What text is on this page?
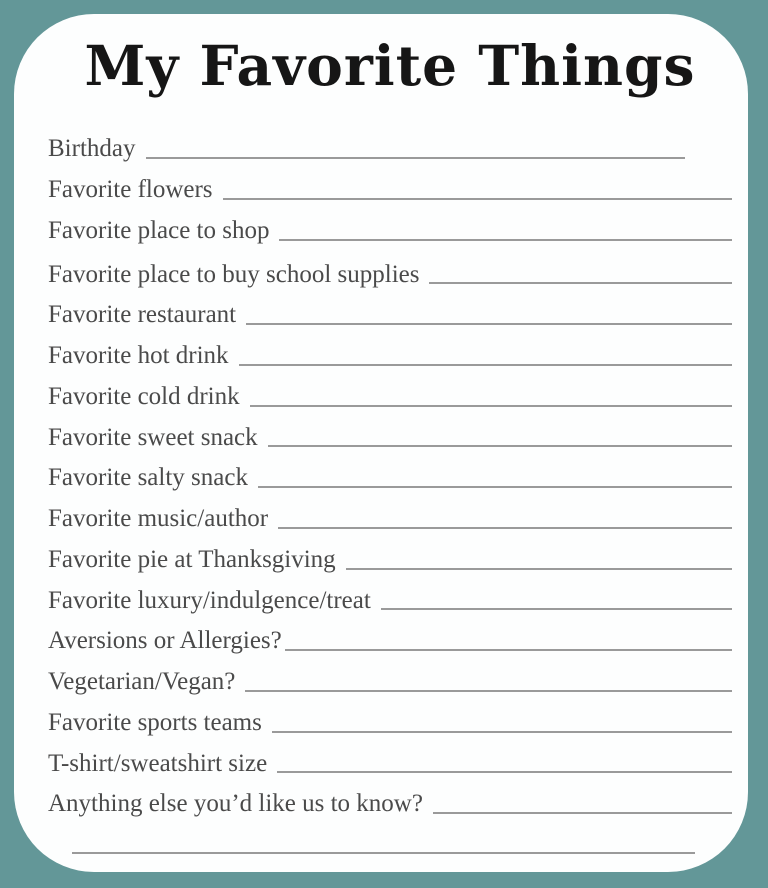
My Favorite Things
Birthday
Favorite flowers
Favorite place to shop
Favorite place to buy school supplies
Favorite restaurant
Favorite hot drink
Favorite cold drink
Favorite sweet snack
Favorite salty snack
Favorite music/author
Favorite pie at Thanksgiving
Favorite luxury/indulgence/treat
Aversions or Allergies?
Vegetarian/Vegan?
Favorite sports teams
T-shirt/sweatshirt size
Anything else you’d like us to know?
